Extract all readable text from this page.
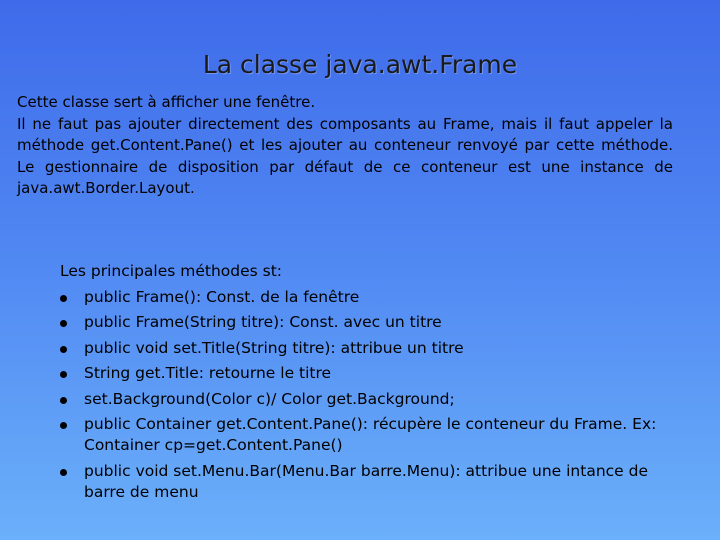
La classe java.awt.Frame
Cette classe sert à afficher une fenêtre.
Il ne faut pas ajouter directement des composants au Frame, mais il faut appeler la méthode get.Content.Pane() et les ajouter au conteneur renvoyé par cette méthode. Le gestionnaire de disposition par défaut de ce conteneur est une instance de java.awt.Border.Layout.
Les principales méthodes st:
public Frame(): Const. de la fenêtre
public Frame(String titre): Const. avec un titre
public void set.Title(String titre): attribue un titre
String get.Title: retourne le titre
set.Background(Color c)/ Color get.Background;
public Container get.Content.Pane(): récupère le conteneur du Frame. Ex: Container cp=get.Content.Pane()
public void set.Menu.Bar(Menu.Bar barre.Menu): attribue une intance de barre de menu
